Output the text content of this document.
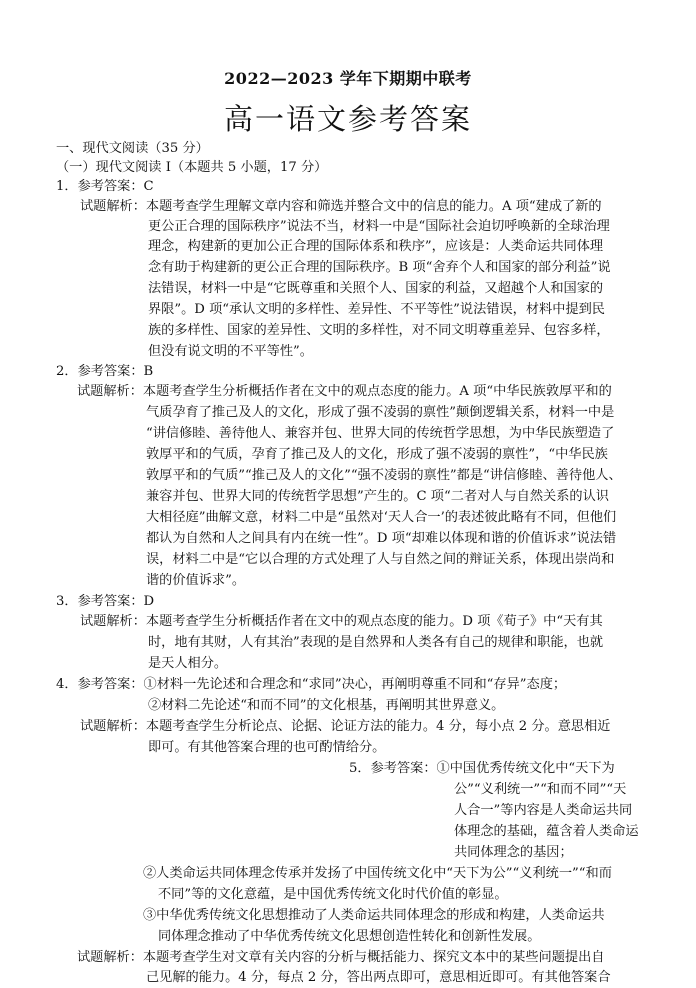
2022—2023 学年下期期中联考
高一语文参考答案
一、现代文阅读（35 分）
（一）现代文阅读 I（本题共 5 小题，17 分）
1．参考答案：C
试题解析：本题考查学生理解文章内容和筛选并整合文中的信息的能力。A 项“建成了新的
更公正合理的国际秩序”说法不当，材料一中是“国际社会迫切呼唤新的全球治理
理念，构建新的更加公正合理的国际体系和秩序”，应该是：人类命运共同体理
念有助于构建新的更公正合理的国际秩序。B 项“舍弃个人和国家的部分利益”说
法错误，材料一中是“它既尊重和关照个人、国家的利益，又超越个人和国家的
界限”。D 项“承认文明的多样性、差异性、不平等性”说法错误，材料中提到民
族的多样性、国家的差异性、文明的多样性，对不同文明尊重差异、包容多样，
但没有说文明的不平等性”。
2．参考答案：B
试题解析：本题考查学生分析概括作者在文中的观点态度的能力。A 项“中华民族敦厚平和的
气质孕育了推己及人的文化，形成了强不凌弱的禀性”颠倒逻辑关系，材料一中是
“讲信修睦、善待他人、兼容并包、世界大同的传统哲学思想，为中华民族塑造了
敦厚平和的气质，孕育了推己及人的文化，形成了强不凌弱的禀性”，“中华民族
敦厚平和的气质”“推己及人的文化”“强不凌弱的禀性”都是“讲信修睦、善待他人、
兼容并包、世界大同的传统哲学思想”产生的。C 项“二者对人与自然关系的认识
大相径庭”曲解文意，材料二中是“虽然对‘天人合一’的表述彼此略有不同，但他们
都认为自然和人之间具有内在统一性”。D 项“却难以体现和谐的价值诉求”说法错
误，材料二中是“它以合理的方式处理了人与自然之间的辩证关系，体现出崇尚和
谐的价值诉求”。
3．参考答案：D
试题解析：本题考查学生分析概括作者在文中的观点态度的能力。D 项《荀子》中“天有其
时，地有其财，人有其治”表现的是自然界和人类各有自己的规律和职能，也就
是天人相分。
4．参考答案：①材料一先论述和合理念和“求同”决心，再阐明尊重不同和“存异”态度；
②材料二先论述“和而不同”的文化根基，再阐明其世界意义。
试题解析：本题考查学生分析论点、论据、论证方法的能力。4 分，每小点 2 分。意思相近
即可。有其他答案合理的也可酌情给分。
5．参考答案：①中国优秀传统文化中“天下为
公”“义利统一”“和而不同”“天
人合一”等内容是人类命运共同
体理念的基础，蕴含着人类命运
共同体理念的基因；
②人类命运共同体理念传承并发扬了中国传统文化中“天下为公”“义利统一”“和而
不同”等的文化意蕴，是中国优秀传统文化时代价值的彰显。
③中华优秀传统文化思想推动了人类命运共同体理念的形成和构建，人类命运共
同体理念推动了中华优秀传统文化思想创造性转化和创新性发展。
试题解析：本题考查学生对文章有关内容的分析与概括能力、探究文本中的某些问题提出自
己见解的能力。4 分，每点 2 分，答出两点即可，意思相近即可。有其他答案合
